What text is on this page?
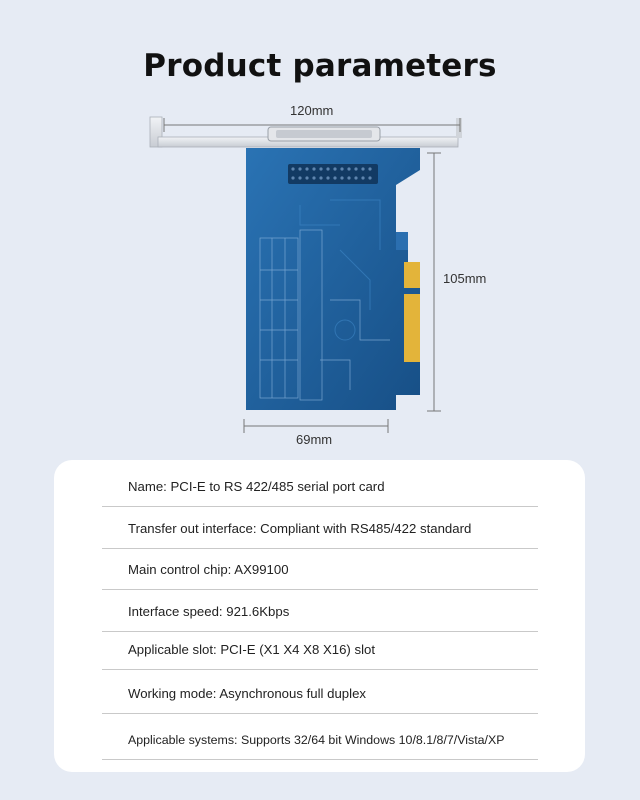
Product parameters
120mm
105mm
69mm
Name: PCI-E to RS 422/485 serial port card
Transfer out interface: Compliant with RS485/422 standard
Main control chip: AX99100
Interface speed: 921.6Kbps
Applicable slot: PCI-E (X1 X4 X8 X16) slot
Working mode: Asynchronous full duplex
Applicable systems: Supports 32/64 bit Windows 10/8.1/8/7/Vista/XP
